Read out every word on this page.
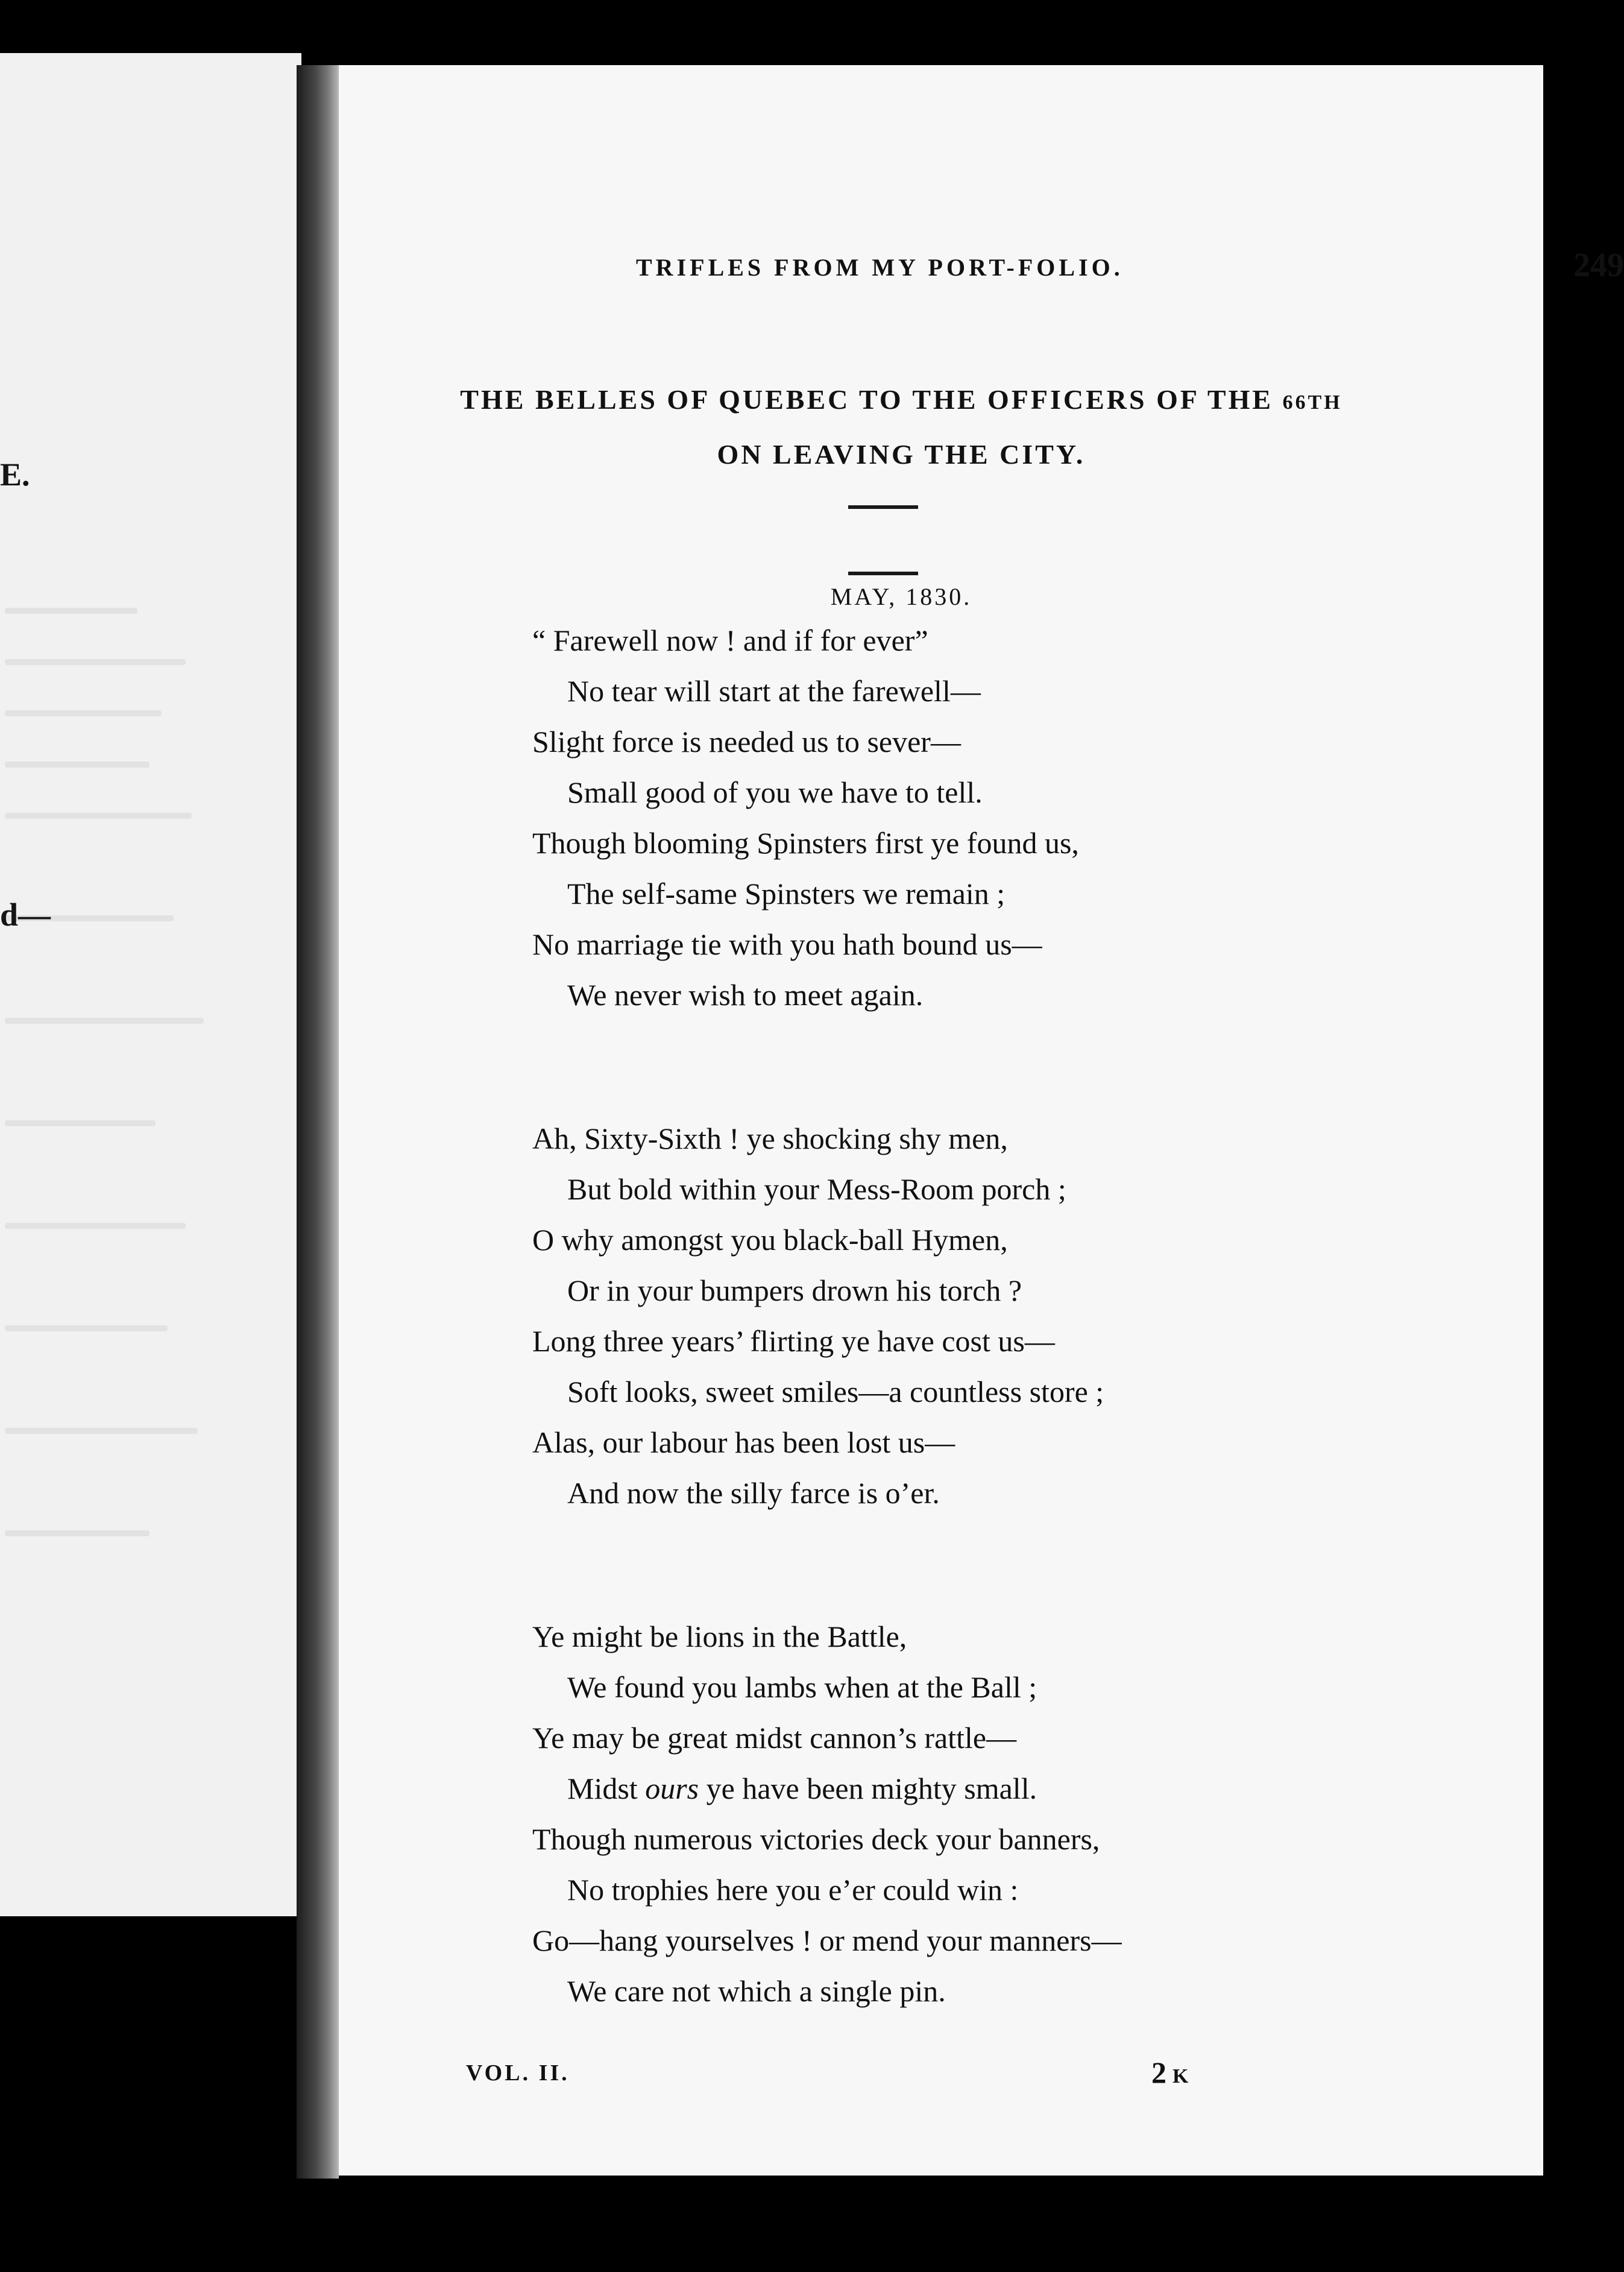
E.
d—
TRIFLES FROM MY PORT-FOLIO.	249
THE BELLES OF QUEBEC TO THE OFFICERS OF THE 66TH
ON LEAVING THE CITY.
MAY, 1830.
“ Farewell now ! and if for ever”
No tear will start at the farewell—
Slight force is needed us to sever—
Small good of you we have to tell.
Though blooming Spinsters first ye found us,
The self-same Spinsters we remain ;
No marriage tie with you hath bound us—
We never wish to meet again.
Ah, Sixty-Sixth ! ye shocking shy men,
But bold within your Mess-Room porch ;
O why amongst you black-ball Hymen,
Or in your bumpers drown his torch ?
Long three years’ flirting ye have cost us—
Soft looks, sweet smiles—a countless store ;
Alas, our labour has been lost us—
And now the silly farce is o’er.
Ye might be lions in the Battle,
We found you lambs when at the Ball ;
Ye may be great midst cannon’s rattle—
Midst ours ye have been mighty small.
Though numerous victories deck your banners,
No trophies here you e’er could win :
Go—hang yourselves ! or mend your manners—
We care not which a single pin.
VOL. II.	2 K
